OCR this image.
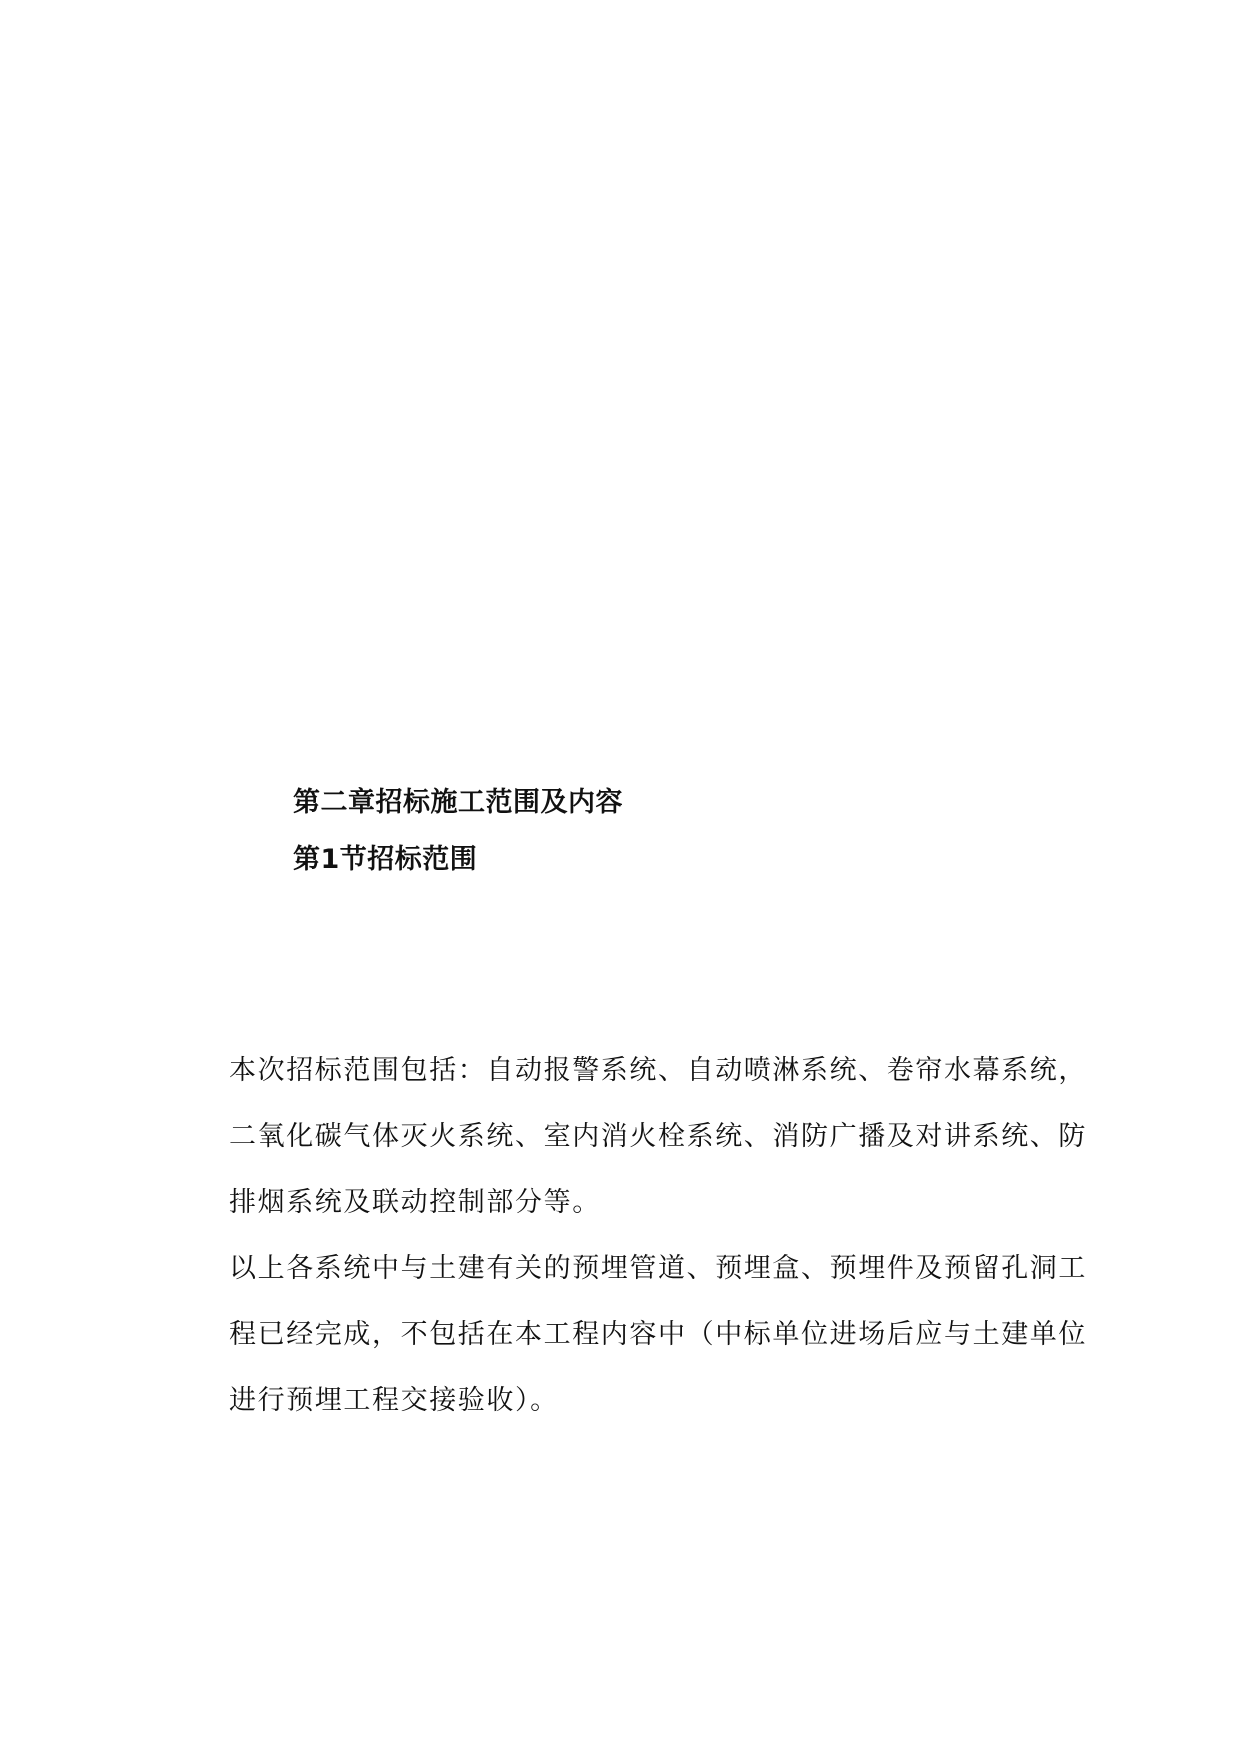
第二章招标施工范围及内容
第1节招标范围

本次招标范围包括：自动报警系统、自动喷淋系统、卷帘水幕系统，
二氧化碳气体灭火系统、室内消火栓系统、消防广播及对讲系统、防
排烟系统及联动控制部分等。

以上各系统中与土建有关的预埋管道、预埋盒、预埋件及预留孔洞工
程已经完成，不包括在本工程内容中（中标单位进场后应与土建单位
进行预埋工程交接验收）。
